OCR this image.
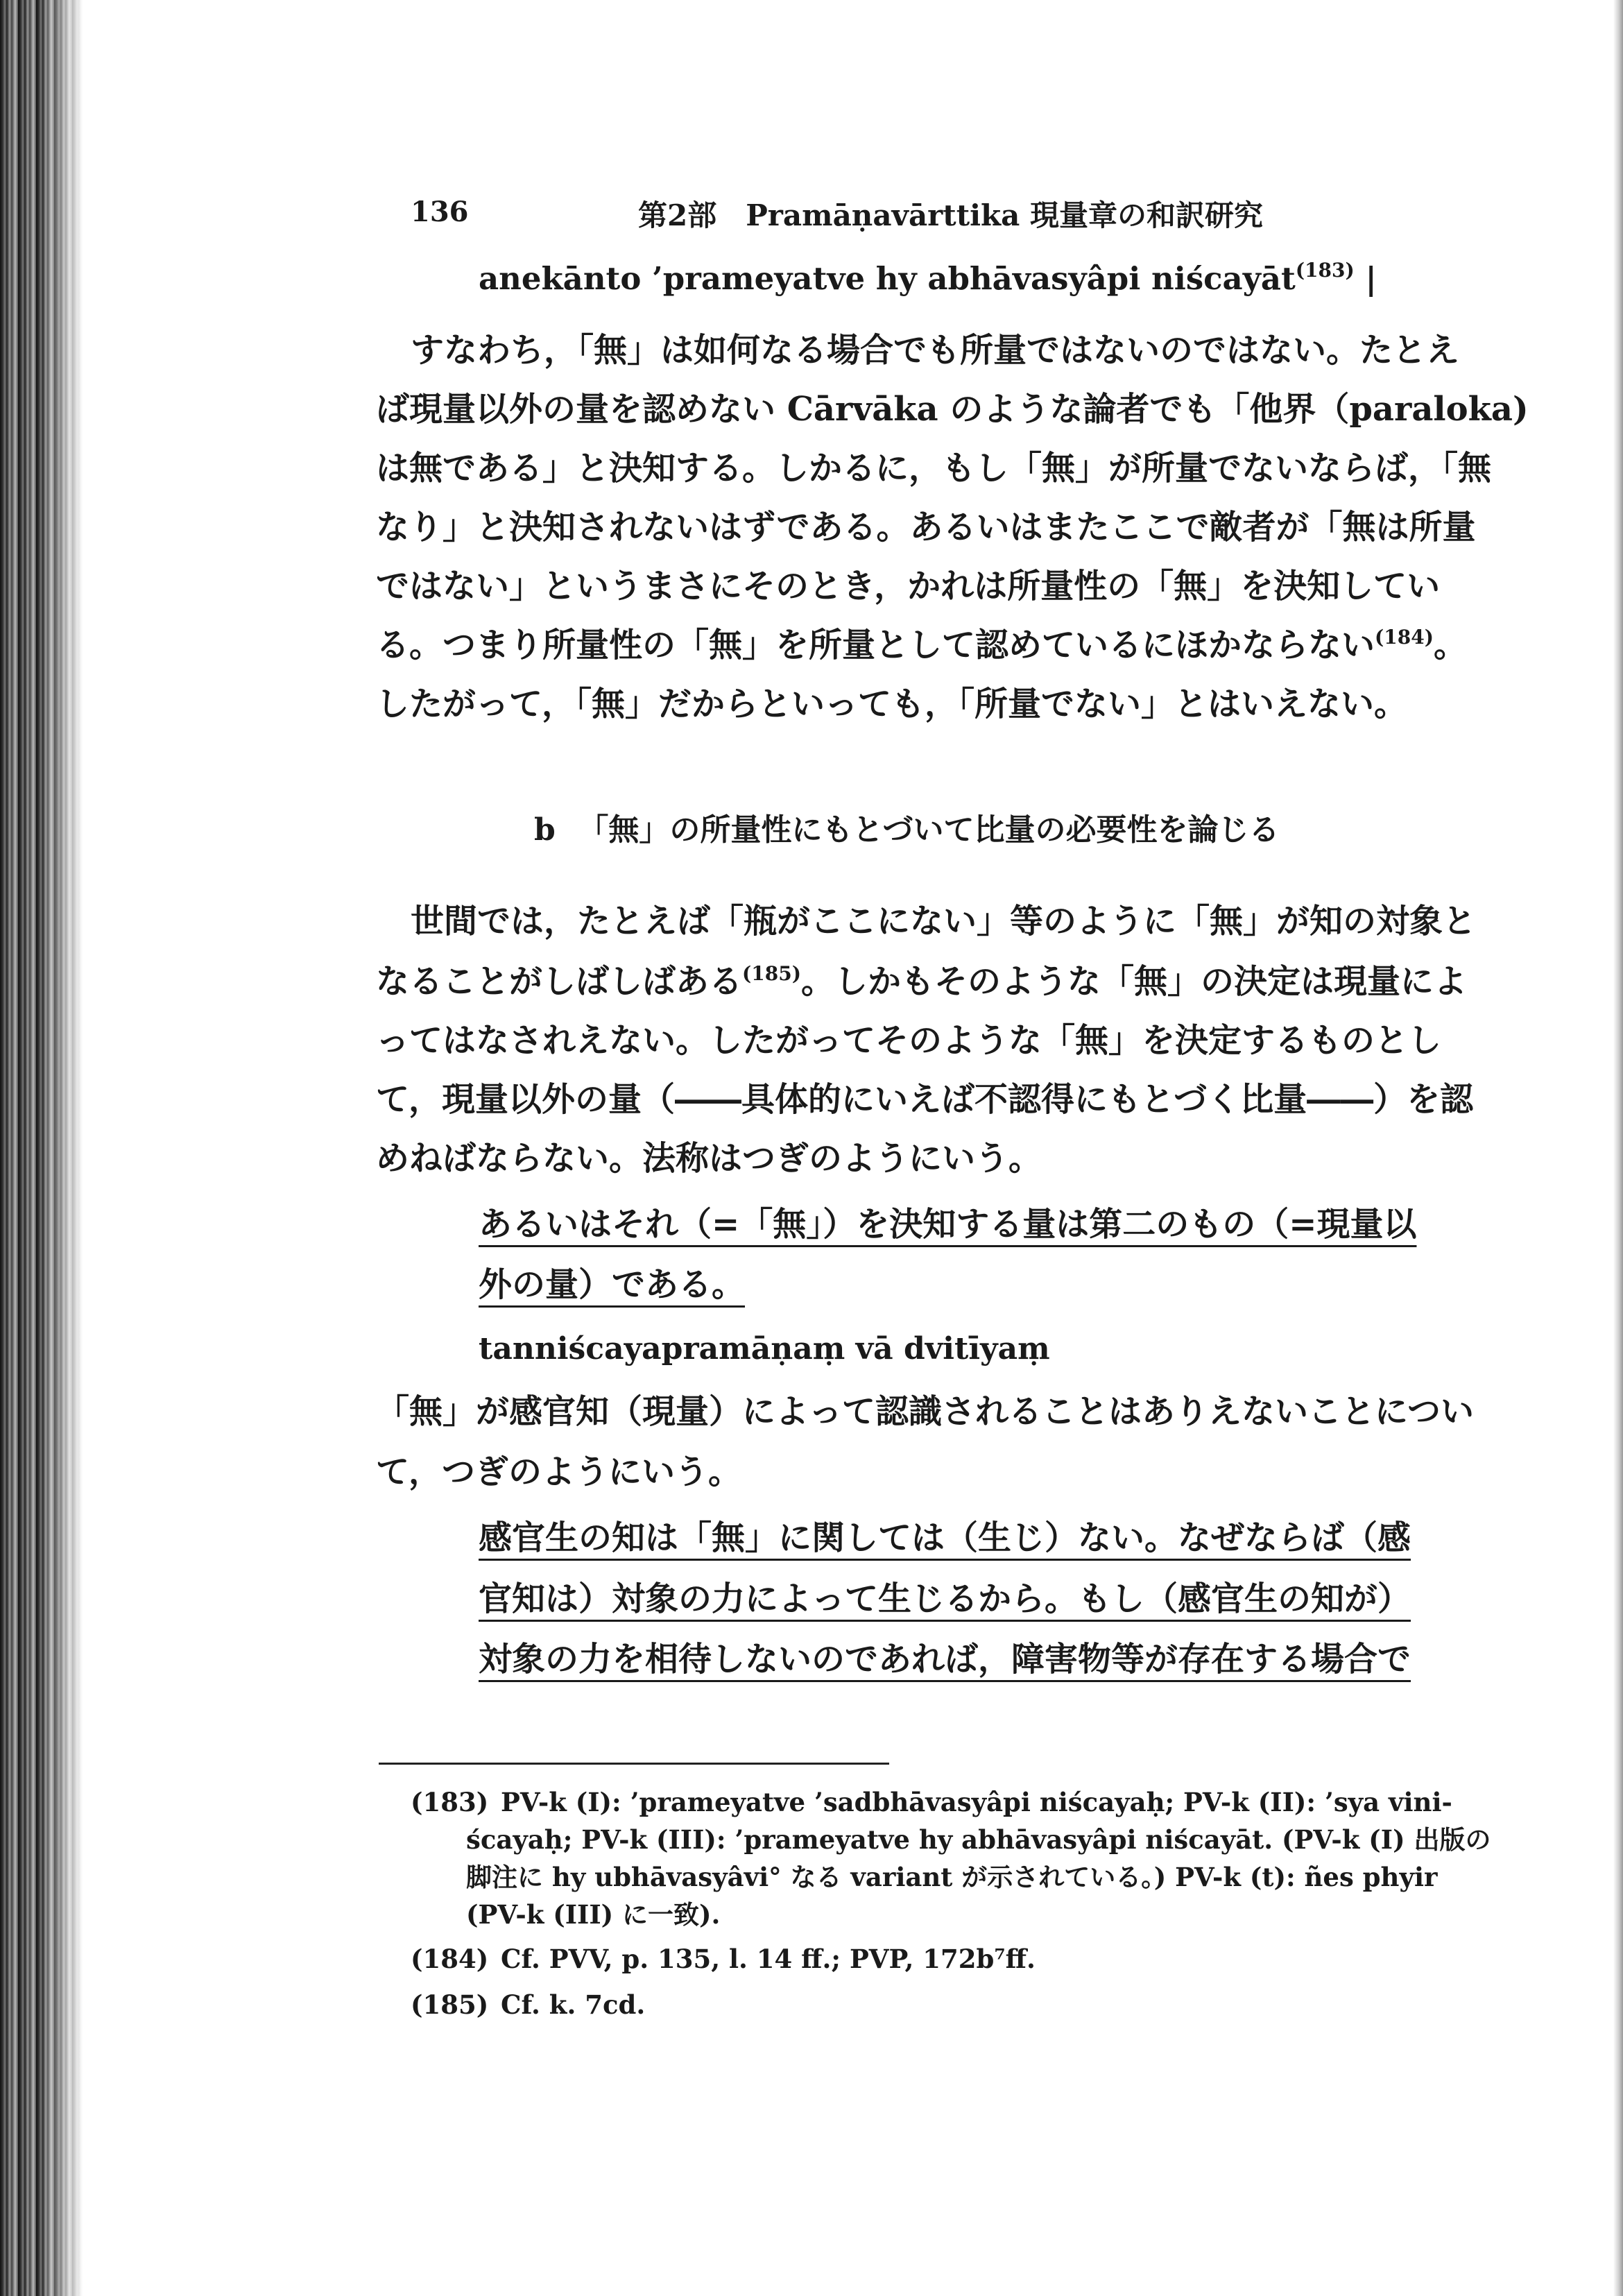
136	第2部　Pramāṇavārttika 現量章の和訳研究
anekānto ’prameyatve hy abhāvasyâpi niścayāt$^{(183)}$ |
すなわち，「無」は如何なる場合でも所量ではないのではない。たとえ
ば現量以外の量を認めない Cārvāka のような論者でも「他界（paraloka)
は無である」と決知する。しかるに，もし「無」が所量でないならば，「無
なり」と決知されないはずである。あるいはまたここで敵者が「無は所量
ではない」というまさにそのとき，かれは所量性の「無」を決知してい
る。つまり所量性の「無」を所量として認めているにほかならない$^{(184)}$。
したがって，「無」だからといっても，「所量でない」とはいえない。
b 「無」の所量性にもとづいて比量の必要性を論じる
世間では，たとえば「瓶がここにない」等のように「無」が知の対象と
なることがしばしばある$^{(185)}$。しかもそのような「無」の決定は現量によ
ってはなされえない。したがってそのような「無」を決定するものとし
て，現量以外の量（――具体的にいえば不認得にもとづく比量――）を認
めねばならない。法称はつぎのようにいう。
あるいはそれ（=「無」）を決知する量は第二のもの（=現量以
外の量）である。
tanniścayapramāṇaṃ vā dvitīyaṃ
「無」が感官知（現量）によって認識されることはありえないことについ
て，つぎのようにいう。
感官生の知は「無」に関しては（生じ）ない。なぜならば（感
官知は）対象の力によって生じるから。もし（感官生の知が）
対象の力を相待しないのであれば，障害物等が存在する場合で
(183) PV-k (I): ’prameyatve ’sadbhāvasyâpi niścayaḥ; PV-k (II): ’sya vini-
ścayaḥ; PV-k (III): ’prameyatve hy abhāvasyâpi niścayāt. (PV-k (I) 出版の
脚注に hy ubhāvasyâvi° なる variant が示されている。) PV-k (t): ñes phyir
(PV-k (III) に一致).
(184) Cf. PVV, p. 135, l. 14 ff.; PVP, 172b⁷ff.
(185) Cf. k. 7cd.
